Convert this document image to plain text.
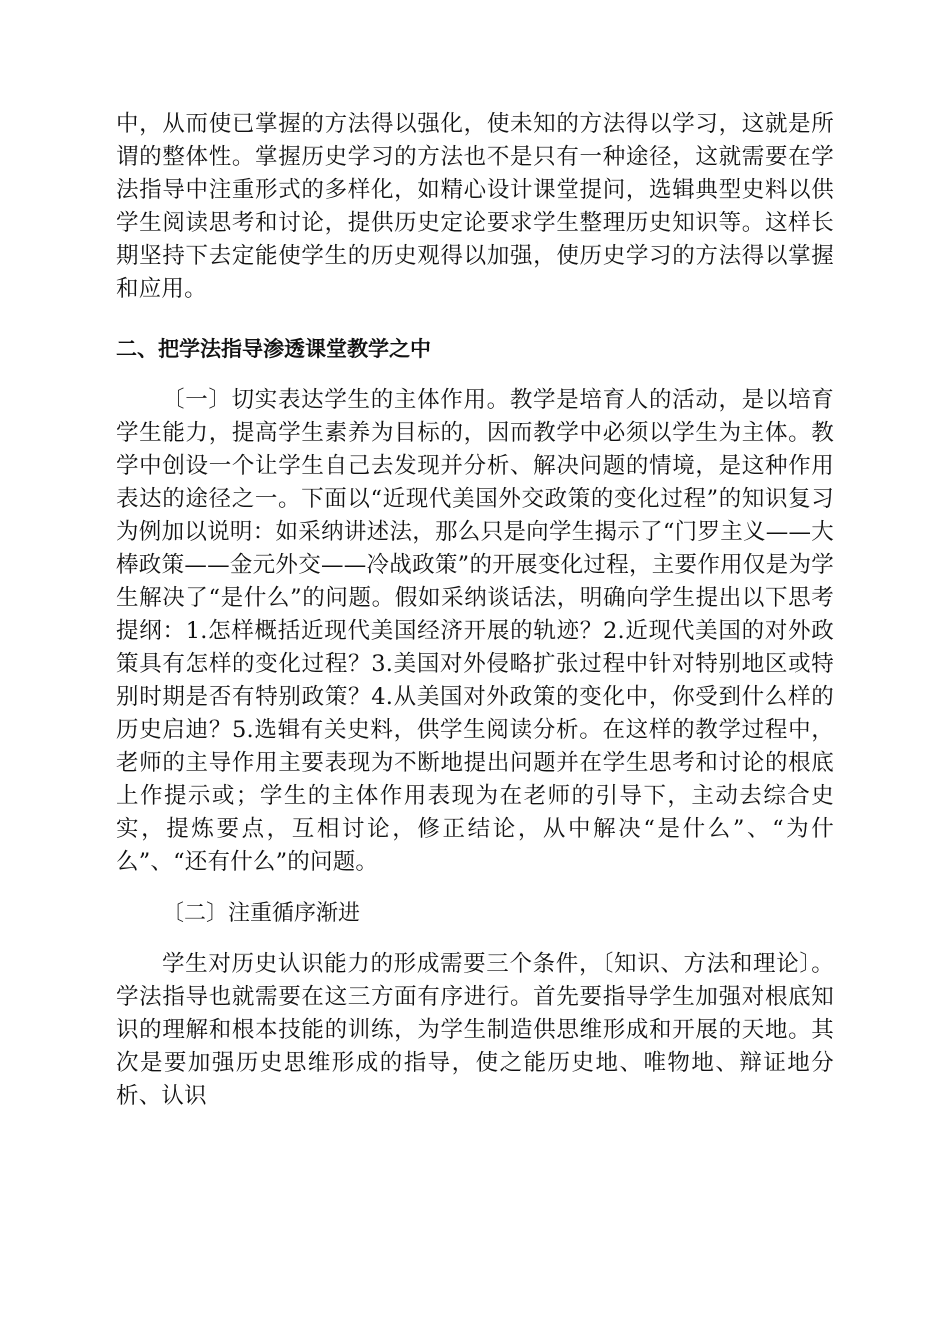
中，从而使已掌握的方法得以强化，使未知的方法得以学习，这就是所谓的整体性。掌握历史学习的方法也不是只有一种途径，这就需要在学法指导中注重形式的多样化，如精心设计课堂提问，选辑典型史料以供学生阅读思考和讨论，提供历史定论要求学生整理历史知识等。这样长期坚持下去定能使学生的历史观得以加强，使历史学习的方法得以掌握和应用。

二、把学法指导渗透课堂教学之中

〔一〕切实表达学生的主体作用。教学是培育人的活动，是以培育学生能力，提高学生素养为目标的，因而教学中必须以学生为主体。教学中创设一个让学生自己去发现并分析、解决问题的情境，是这种作用表达的途径之一。下面以“近现代美国外交政策的变化过程”的知识复习为例加以说明：如采纳讲述法，那么只是向学生揭示了“门罗主义——大棒政策——金元外交——冷战政策”的开展变化过程，主要作用仅是为学生解决了“是什么”的问题。假如采纳谈话法，明确向学生提出以下思考提纲：1.怎样概括近现代美国经济开展的轨迹？2.近现代美国的对外政策具有怎样的变化过程？3.美国对外侵略扩张过程中针对特别地区或特别时期是否有特别政策？4.从美国对外政策的变化中，你受到什么样的历史启迪？5.选辑有关史料，供学生阅读分析。在这样的教学过程中，老师的主导作用主要表现为不断地提出问题并在学生思考和讨论的根底上作提示或；学生的主体作用表现为在老师的引导下，主动去综合史实，提炼要点，互相讨论，修正结论，从中解决“是什么”、“为什么”、“还有什么”的问题。

〔二〕注重循序渐进

学生对历史认识能力的形成需要三个条件，〔知识、方法和理论〕。学法指导也就需要在这三方面有序进行。首先要指导学生加强对根底知识的理解和根本技能的训练，为学生制造供思维形成和开展的天地。其次是要加强历史思维形成的指导，使之能历史地、唯物地、辩证地分析、认识
